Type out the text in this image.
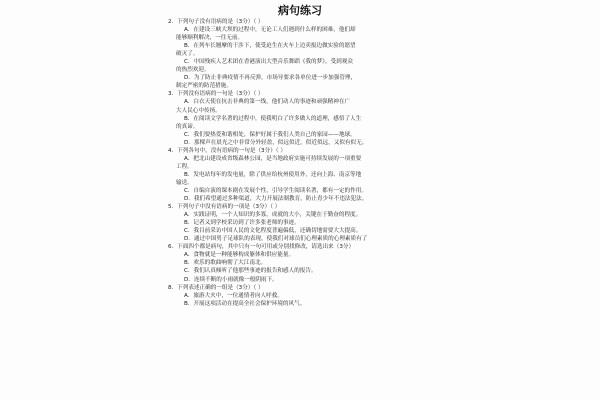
病句练习
2．下列句子没有语病的是（3分）（ ）
A．在建设三峡大坝的过程中，无论工人们遇到什么样的困难，他们却
能够顺利解决，一往无前。
B．在列车长翘摩的干涉下，使受迫生在火车上边卖报边做实验的愿望
破灭了。
C．中国残疾人艺术团在香港演出大型音乐舞蹈《我的梦》，受到观众
的热烈欢迎。
D．为了防止非典疫情不再反弹，市场导要求各单位进一步加强管理，
制定严密的防范措施。
3．下列没有语病的一句是（3分）（ ）
A．白衣天使在抗击非典的第一线，他们动人的事迹和顽强精神在广
大人民心中传扬。
B．在阅读文学名著的过程中，使我明白了许多做人的道理，感悟了人生
的真谛。
C．我们要热爱和谐相处，保护好属于我们人类自己的家园——地球。
D．那棵声在晨光之中非常分外轻盈，似远似近，似近似远，又似有似无。
4．下列各句中，没有语病的一句是（3分）（ ）
A．把北山建设成省级森林公园，是当地政府实施可持续发展的一项重要
工程。
B．发电站每年的发电量，除了供应给杭州使用外，还向上海、南京等地
输送。
C．自编自演的课本剧在发展个性，引导学生阅读名著，都有一定的作用。
D．我们希望通过多种渠道，大力开展法制教育，防止青少年不违法犯法。
5．下列句子中没有语病的一项是（3分）（ ）
A．实践证明，一个人知识的多寡，成就的大小，关键在于勤奋的程度。
B．记者又到学校采访到了许多张老师的事迹。
C．我目前采访中国人民的文化程度普遍偏低，还确切地需要大大提高。
D．通过中国男子足球队的表现，使我们对球员们心理素质的心理素质有了
6．下面四个都是病句，其中只有一句可用或分别找修改，请选出来（3分）
A．食物就是一种能够构成躯体和供应能量。
B．欢乐的歌曲响彻了大江南北。
C．我们认真倾听了他那些事迹的报告和感人的报告。
D．连续不断的小雨就像一般阴雨下。
8．下列表述正确的一组是（3分）（ ）
A．旅游大火中，一位通情者向人呼救。
B．开展这项活动在提高全社会保护环境的风气。
